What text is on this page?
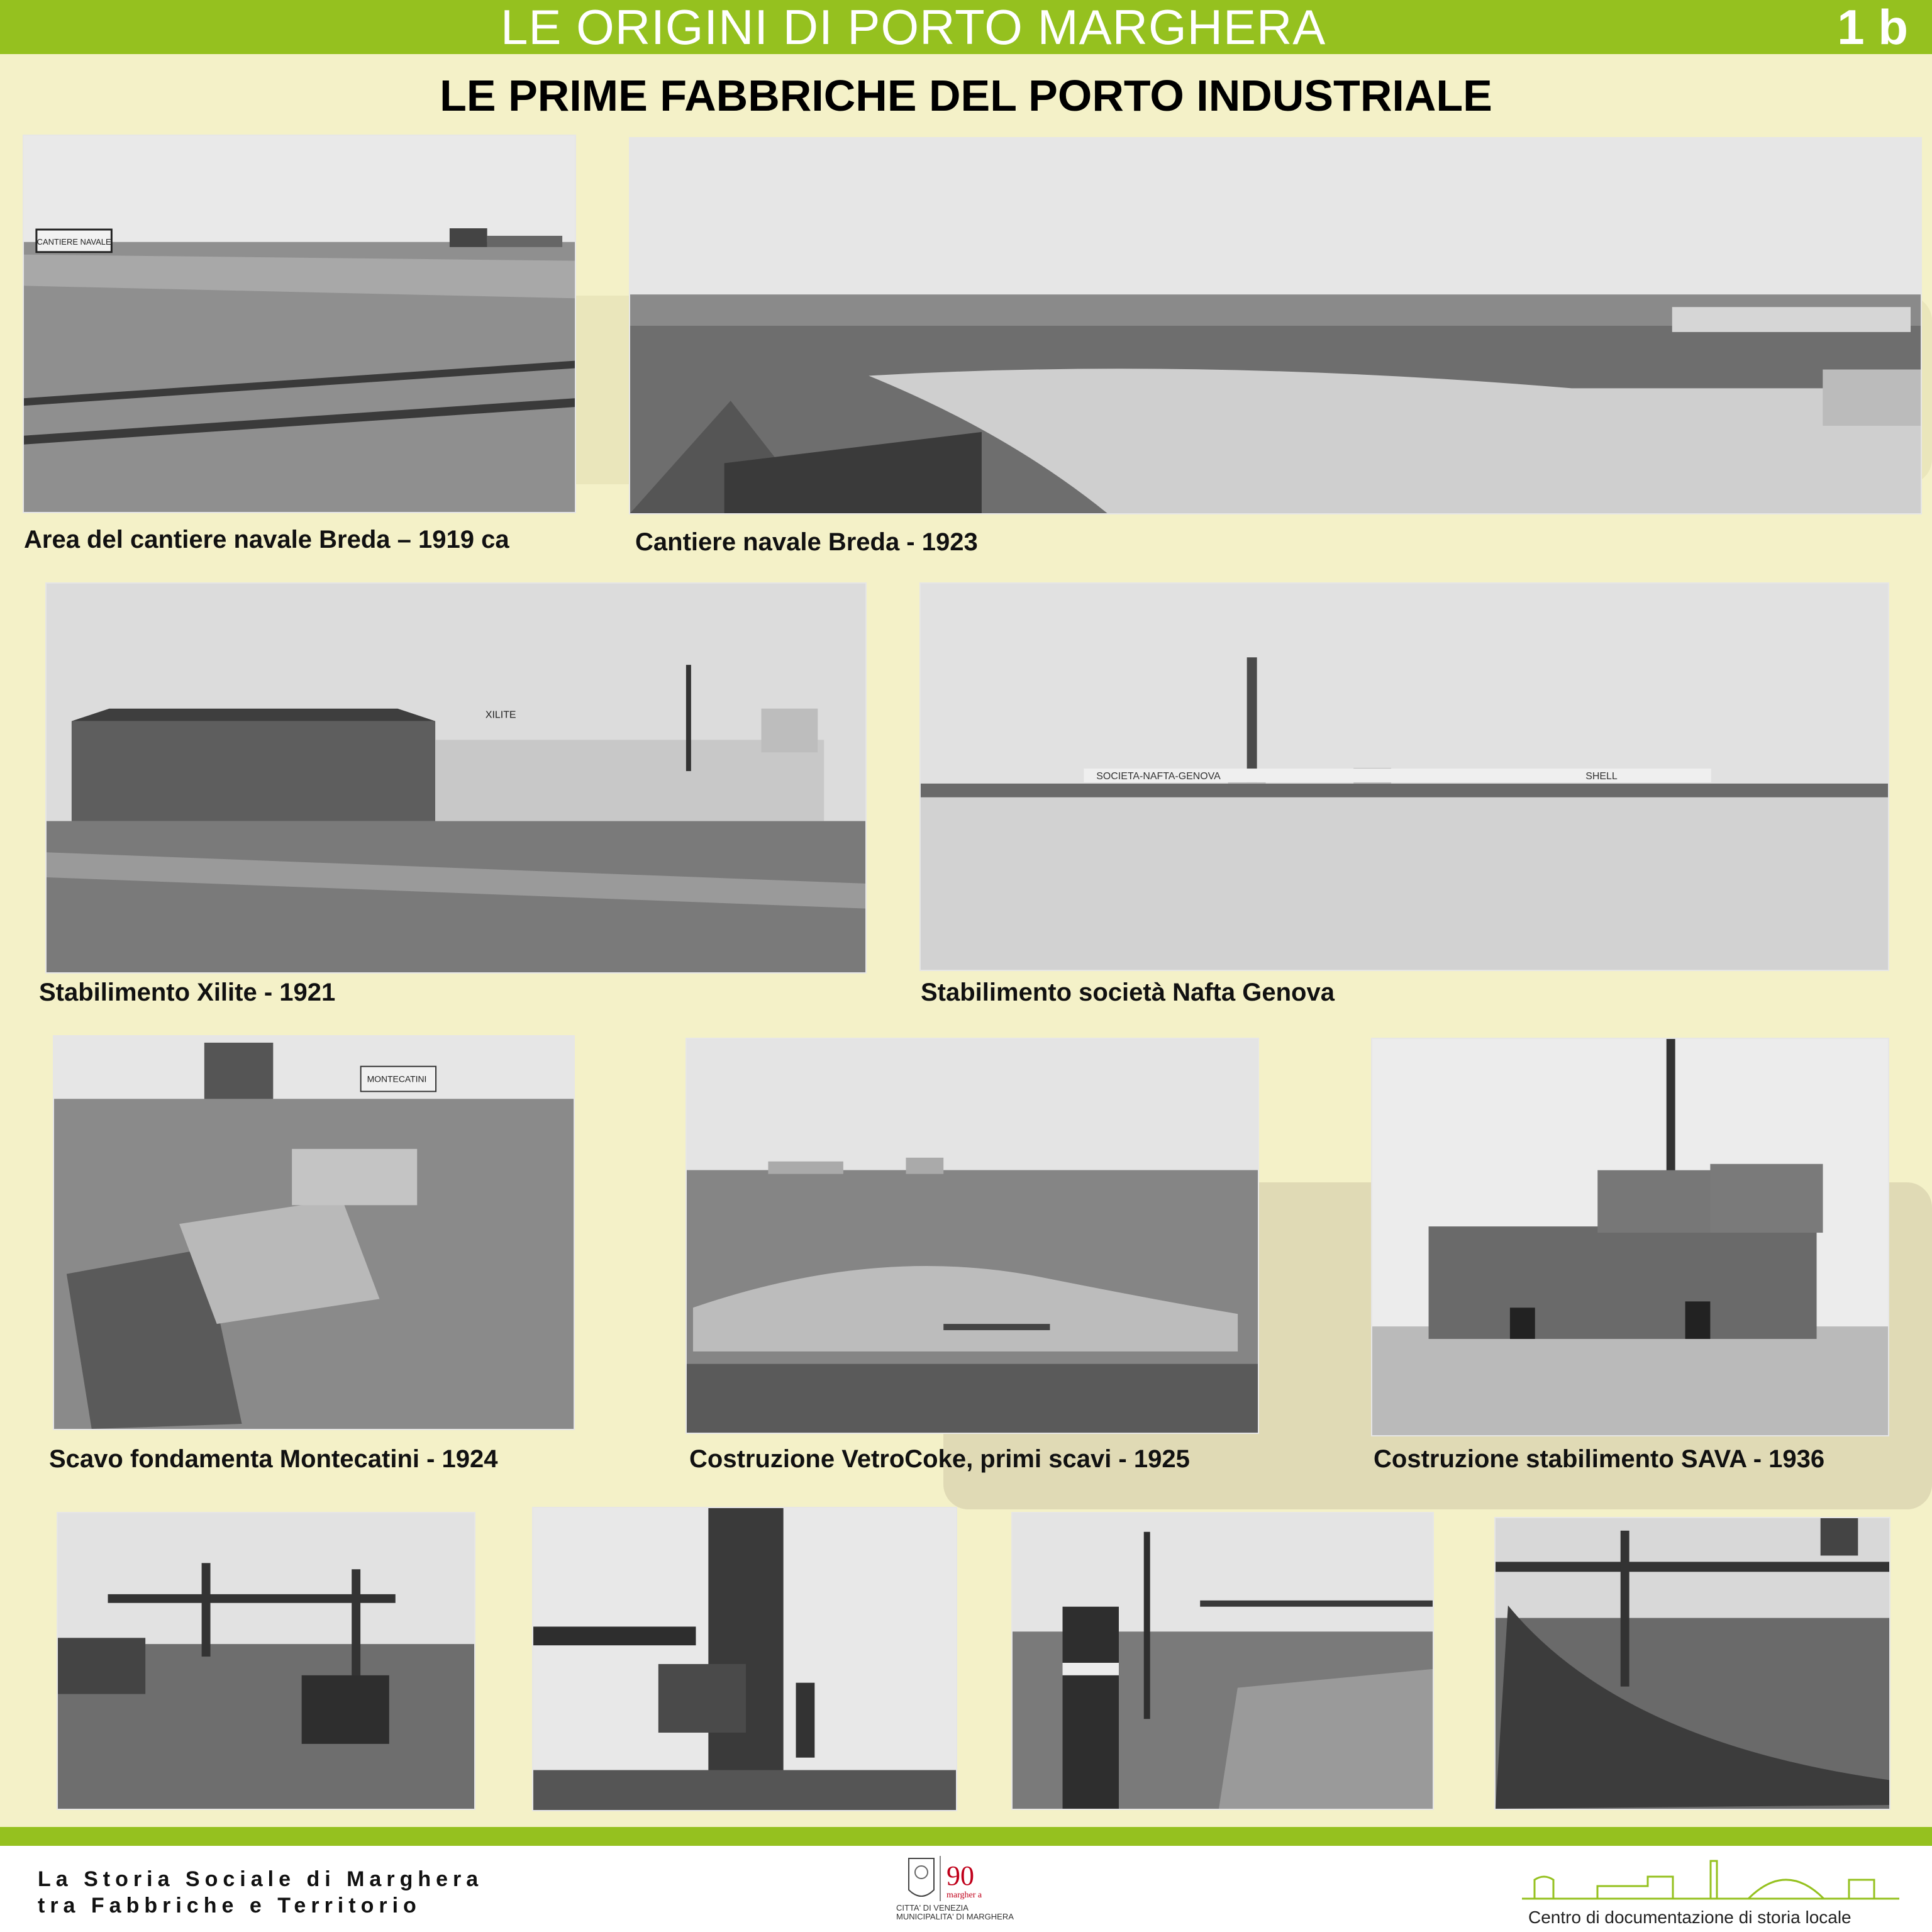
LE ORIGINI DI PORTO MARGHERA	1 b
LE PRIME FABBRICHE DEL PORTO INDUSTRIALE
CANTIERE NAVALE
Area del cantiere navale Breda – 1919 ca	Cantiere navale Breda - 1923
XILITE
Stabilimento Xilite - 1921
SOCIETA-NAFTA-GENOVA	SHELL
Stabilimento società Nafta Genova
MONTECATINI
Scavo fondamenta Montecatini - 1924	Costruzione VetroCoke, primi scavi - 1925	Costruzione stabilimento SAVA - 1936
La Storia Sociale di Marghera
tra Fabbriche e Territorio
90
margher a
CITTA' DI VENEZIA
MUNICIPALITA' DI MARGHERA	Centro di documentazione di storia locale
